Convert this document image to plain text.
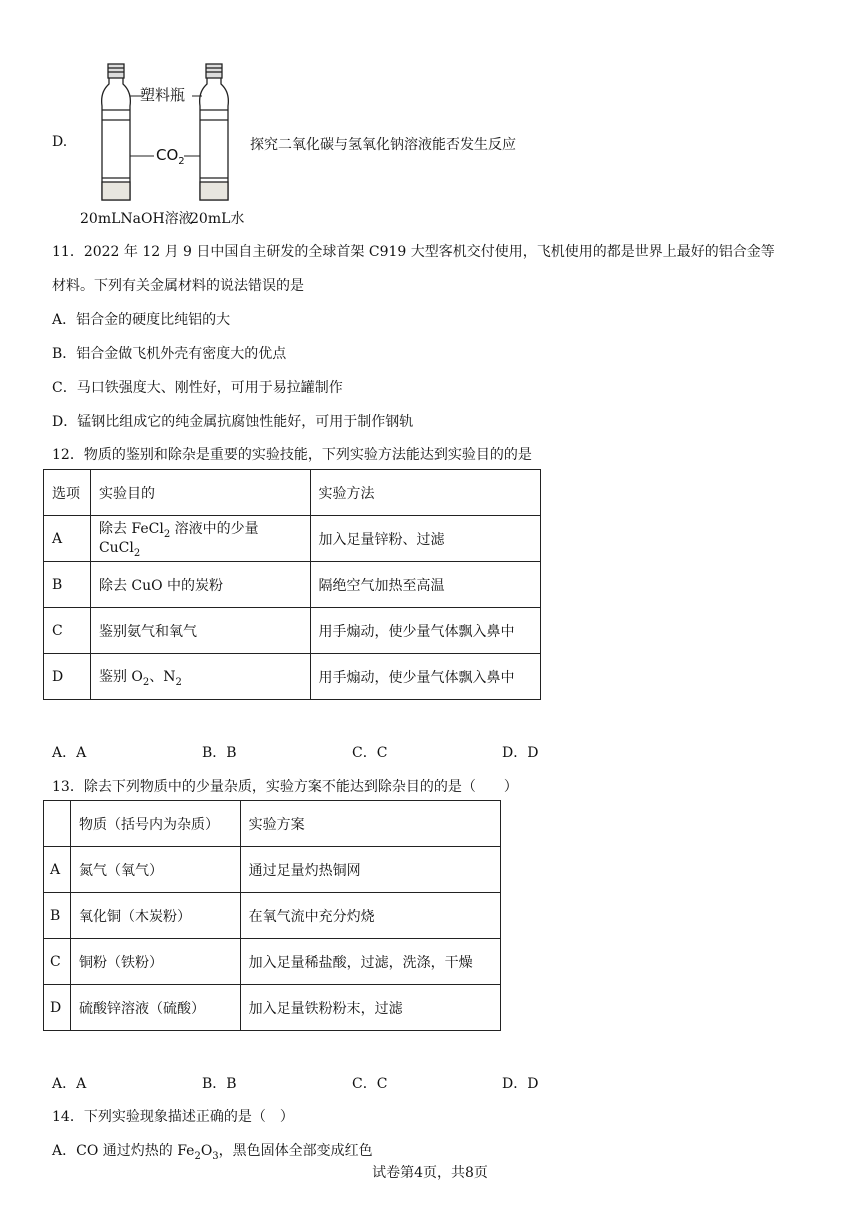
D.
塑料瓶
$CO_2$
20mLNaOH溶液
20mL水
探究二氧化碳与氢氧化钠溶液能否发生反应
11．2022 年 12 月 9 日中国自主研发的全球首架 C919 大型客机交付使用，飞机使用的都是世界上最好的铝合金等
材料。下列有关金属材料的说法错误的是
A．铝合金的硬度比纯铝的大
B．铝合金做飞机外壳有密度大的优点
C．马口铁强度大、刚性好，可用于易拉罐制作
D．锰钢比组成它的纯金属抗腐蚀性能好，可用于制作钢轨
12．物质的鉴别和除杂是重要的实验技能，下列实验方法能达到实验目的的是
选项	实验目的	实验方法
A	除去 FeCl$_2$ 溶液中的少量 CuCl$_2$	加入足量锌粉、过滤
B	除去 CuO 中的炭粉	隔绝空气加热至高温
C	鉴别氨气和氧气	用手煽动，使少量气体飘入鼻中
D	鉴别 $O_2$、$N_2$	用手煽动，使少量气体飘入鼻中
A．A	B．B	C．C	D．D
13．除去下列物质中的少量杂质，实验方案不能达到除杂目的的是（　　）
	物质（括号内为杂质）	实验方案
A	氮气（氧气）	通过足量灼热铜网
B	氧化铜（木炭粉）	在氧气流中充分灼烧
C	铜粉（铁粉）	加入足量稀盐酸，过滤，洗涤，干燥
D	硫酸锌溶液（硫酸）	加入足量铁粉粉末，过滤
A．A	B．B	C．C	D．D
14．下列实验现象描述正确的是（　）
A．CO 通过灼热的 $Fe_2O_3$，黑色固体全部变成红色
试卷第4页，共8页
